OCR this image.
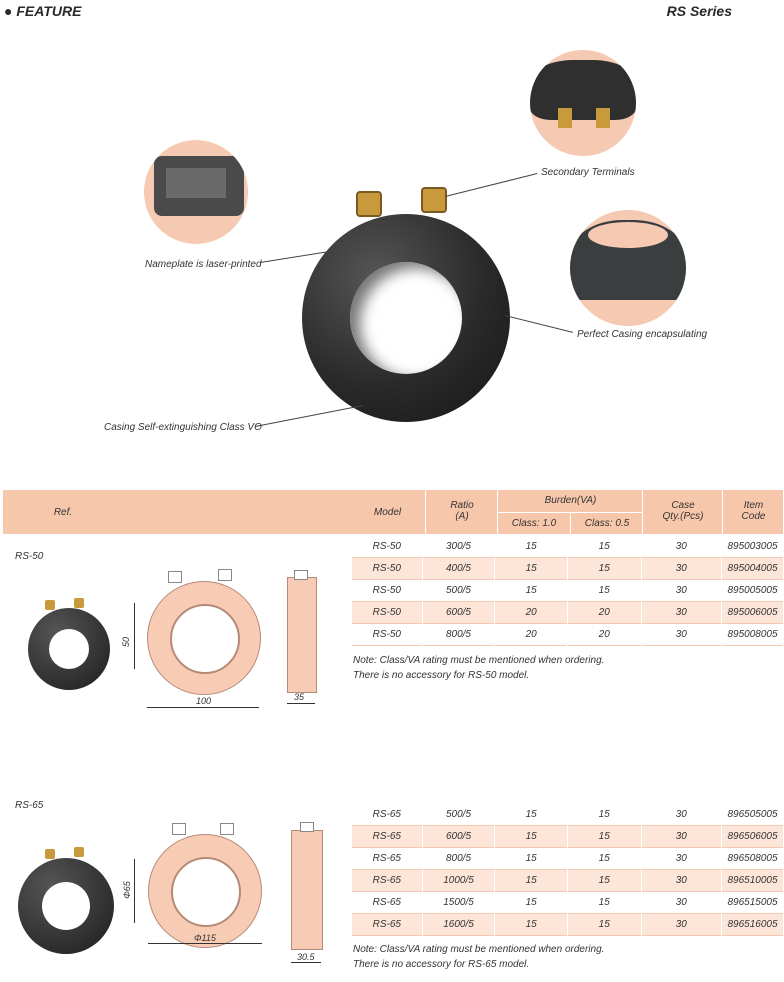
● FEATURE	RS Series
Secondary Terminals
Nameplate is laser-printed
Perfect Casing encapsulating
Casing Self-extinguishing Class VO
Ref.	Model
Ratio
(A)
Burden(VA)
Class: 1.0	Class: 0.5
Case
Qty.(Pcs)
Item
Code
RS-50
50
100	35
RS-50	300/5	15	15	30	895003005
RS-50	400/5	15	15	30	895004005
RS-50	500/5	15	15	30	895005005
RS-50	600/5	20	20	30	895006005
RS-50	800/5	20	20	30	895008005
Note: Class/VA rating must be mentioned when ordering.
There is no accessory for RS-50 model.
RS-65
Φ65
Φ115
30.5
RS-65	500/5	15	15	30	896505005
RS-65	600/5	15	15	30	896506005
RS-65	800/5	15	15	30	896508005
RS-65	1000/5	15	15	30	896510005
RS-65	1500/5	15	15	30	896515005
RS-65	1600/5	15	15	30	896516005
Note: Class/VA rating must be mentioned when ordering.
There is no accessory for RS-65 model.
